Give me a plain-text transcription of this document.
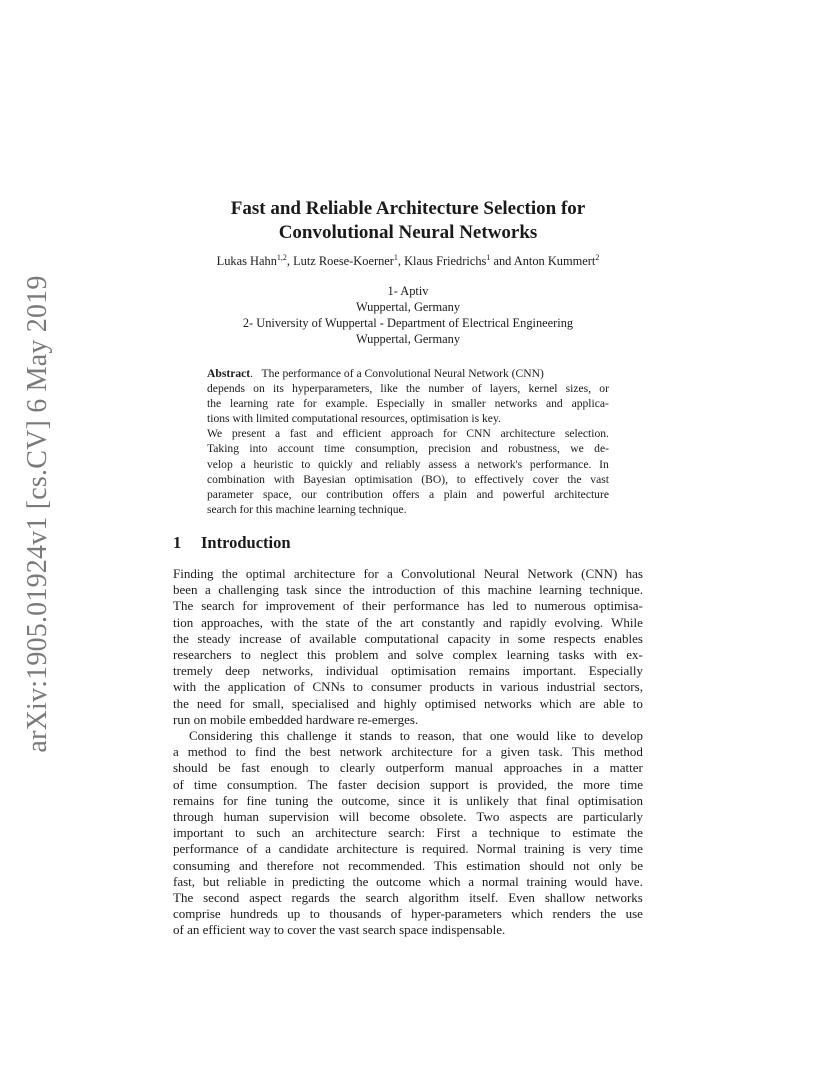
arXiv:1905.01924v1 [cs.CV] 6 May 2019
Fast and Reliable Architecture Selection for
Convolutional Neural Networks
Lukas Hahn$^{1,2}$, Lutz Roese-Koerner$^1$, Klaus Friedrichs$^1$ and Anton Kummert$^2$
1- Aptiv
Wuppertal, Germany
2- University of Wuppertal - Department of Electrical Engineering
Wuppertal, Germany
Abstract .   The performance of a Convolutional Neural Network (CNN)
depends on its hyperparameters, like the number of layers, kernel sizes, or
the learning rate for example. Especially in smaller networks and applica-
tions with limited computational resources, optimisation is key.
We present a fast and efficient approach for CNN architecture selection.
Taking into account time consumption, precision and robustness, we de-
velop a heuristic to quickly and reliably assess a network's performance. In
combination with Bayesian optimisation (BO), to effectively cover the vast
parameter space, our contribution offers a plain and powerful architecture
search for this machine learning technique.
1 Introduction
Finding the optimal architecture for a Convolutional Neural Network (CNN) has
been a challenging task since the introduction of this machine learning technique.
The search for improvement of their performance has led to numerous optimisa-
tion approaches, with the state of the art constantly and rapidly evolving. While
the steady increase of available computational capacity in some respects enables
researchers to neglect this problem and solve complex learning tasks with ex-
tremely deep networks, individual optimisation remains important. Especially
with the application of CNNs to consumer products in various industrial sectors,
the need for small, specialised and highly optimised networks which are able to
run on mobile embedded hardware re-emerges.
Considering this challenge it stands to reason, that one would like to develop
a method to find the best network architecture for a given task. This method
should be fast enough to clearly outperform manual approaches in a matter
of time consumption. The faster decision support is provided, the more time
remains for fine tuning the outcome, since it is unlikely that final optimisation
through human supervision will become obsolete. Two aspects are particularly
important to such an architecture search: First a technique to estimate the
performance of a candidate architecture is required. Normal training is very time
consuming and therefore not recommended. This estimation should not only be
fast, but reliable in predicting the outcome which a normal training would have.
The second aspect regards the search algorithm itself. Even shallow networks
comprise hundreds up to thousands of hyper-parameters which renders the use
of an efficient way to cover the vast search space indispensable.
